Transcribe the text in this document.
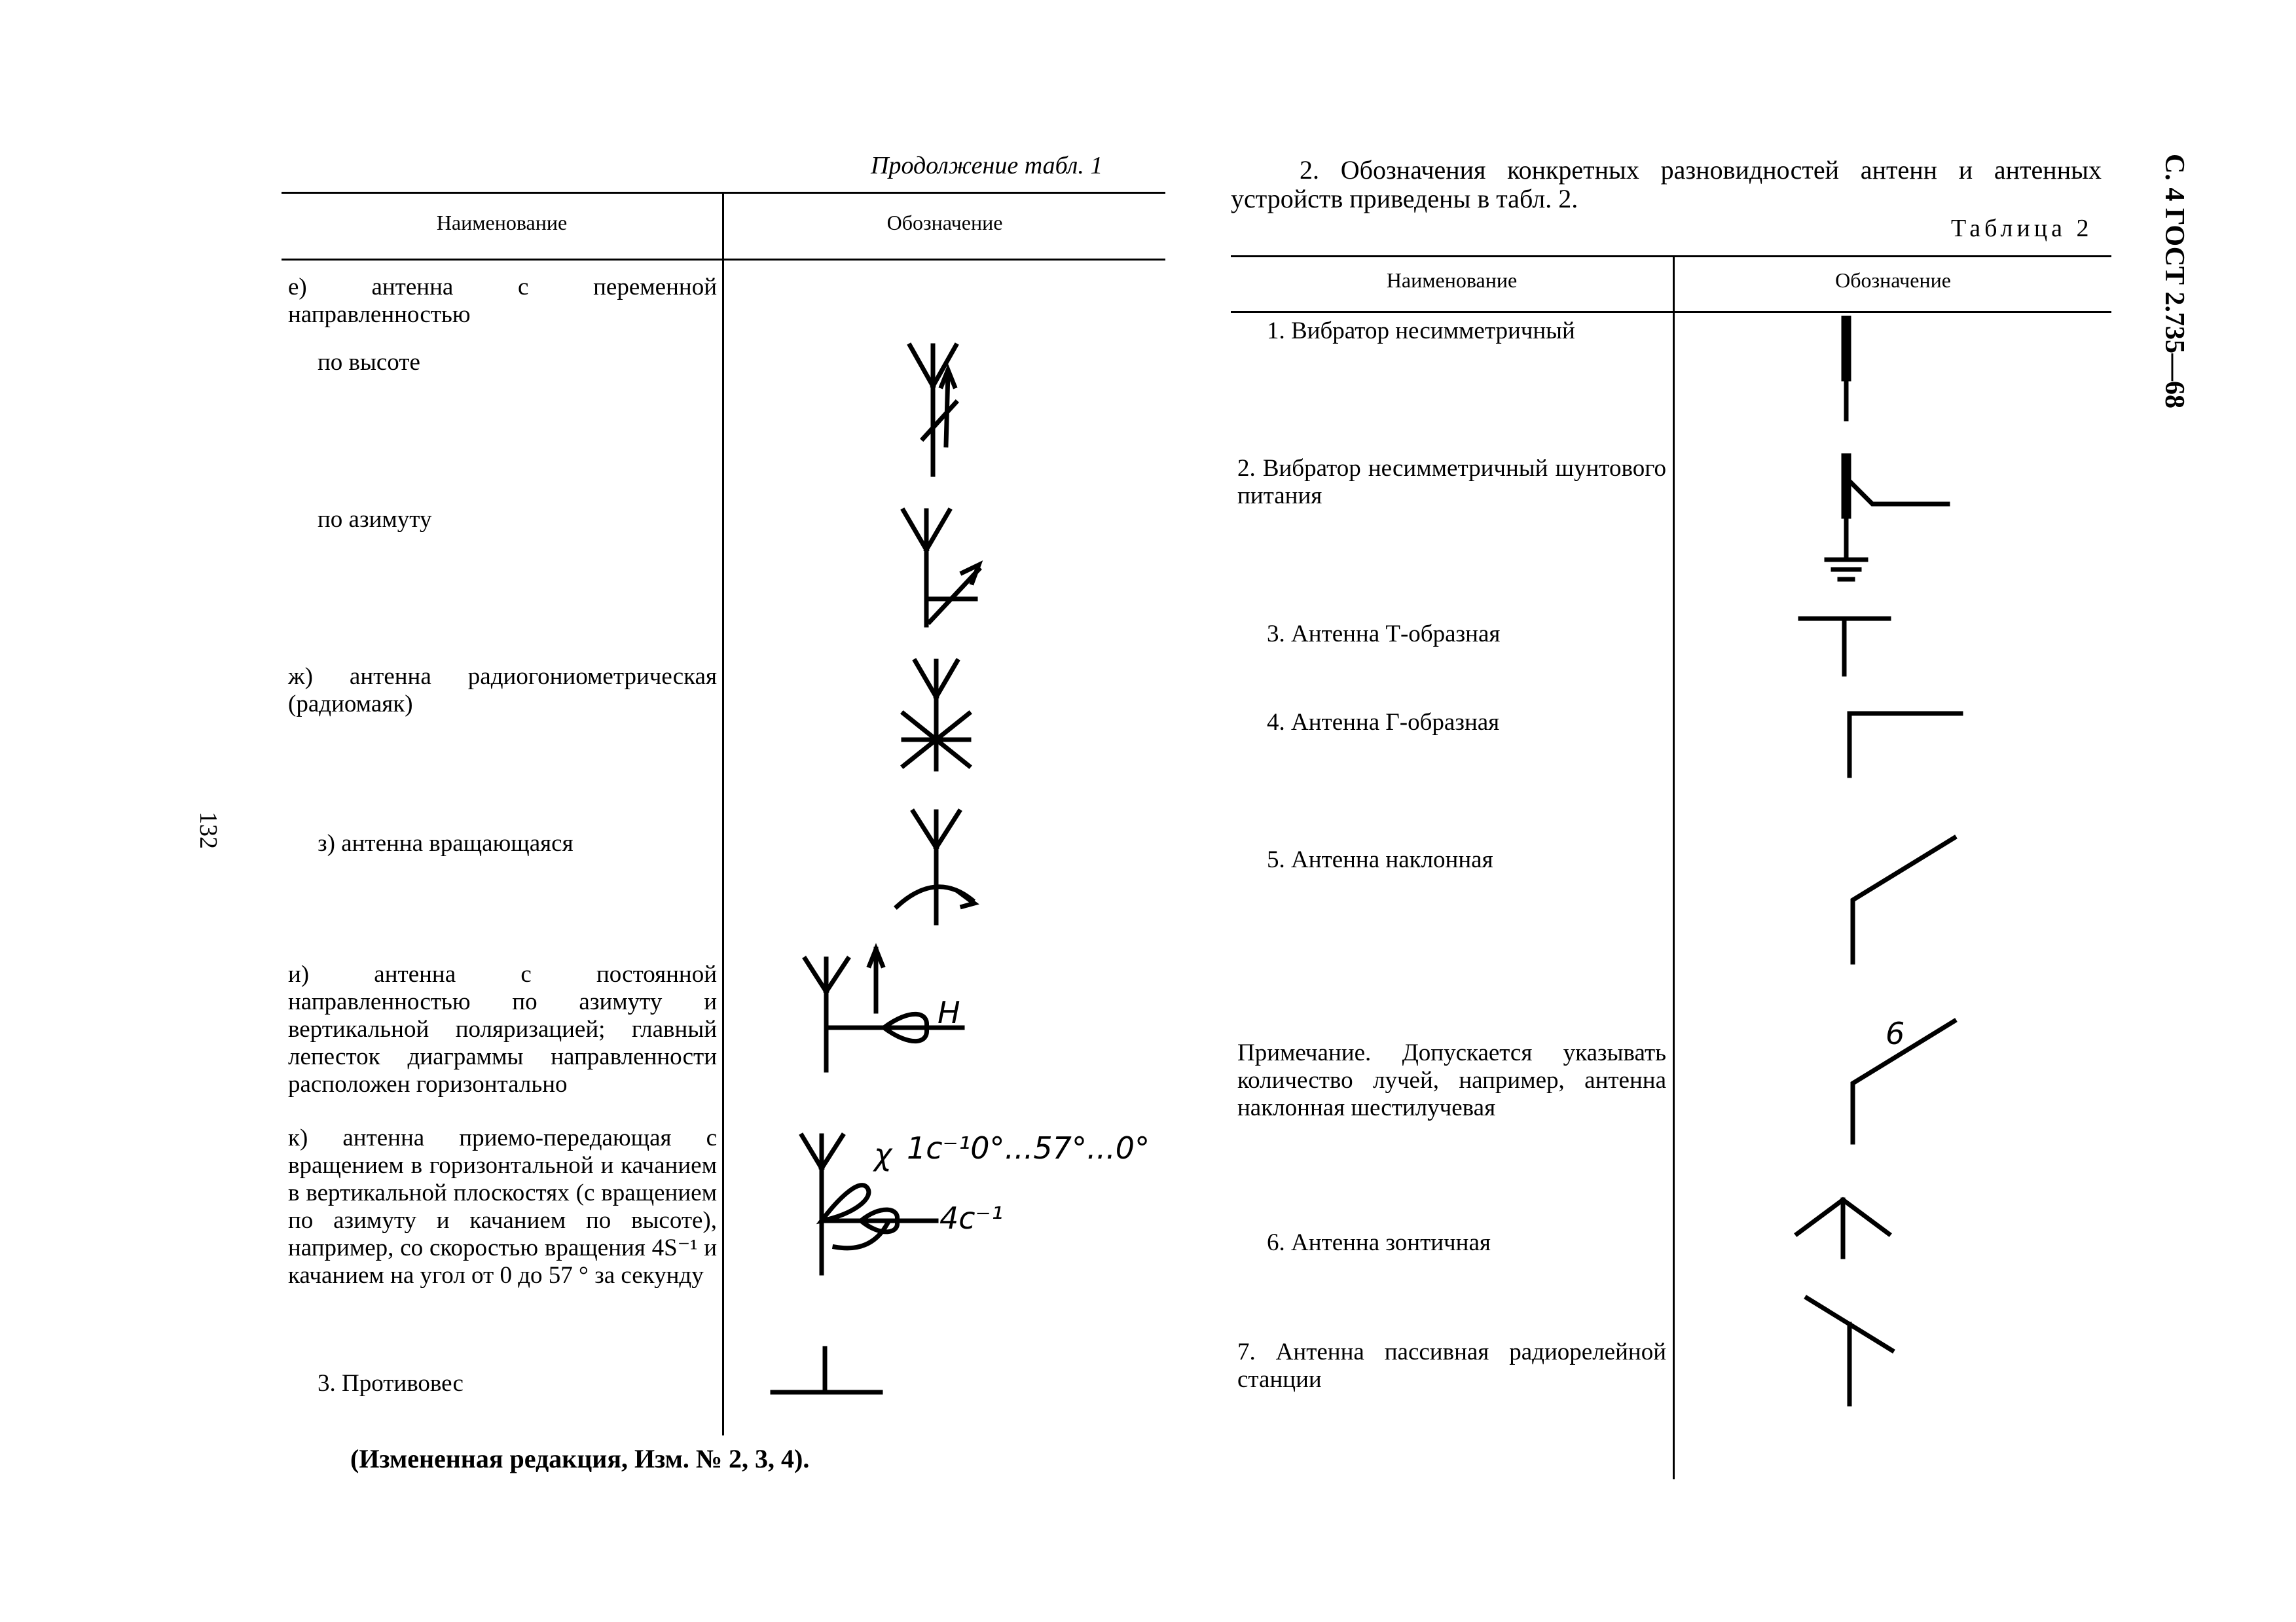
Продолжение табл. 1
Наименование	Обозначение
е) антенна с переменной направленностью
по высоте
по азимуту
ж) антенна радиогониометрическая (радиомаяк)
з) антенна вращающаяся
и) антенна с постоянной направленностью по азимуту и вертикальной поляризацией; главный лепесток диаграммы направленности расположен горизонтально
к) антенна приемо-передающая с вращением в горизонтальной и качанием в вертикальной плоскостях (с вращением по азимуту и качанием по высоте), например, со скоростью вращения 4S⁻¹ и качанием на угол от 0 до 57 ° за секунду
3. Противовес
H
1c⁻¹0°...57°...0°
4c⁻¹
χ
(Измененная редакция, Изм. № 2, 3, 4).
132
2. Обозначения конкретных разновидностей антенн и антенных устройств приведены в табл. 2.
Таблица 2
Наименование	Обозначение
1. Вибратор несимметричный
2. Вибратор несимметричный шунтового питания
3. Антенна Т-образная
4. Антенна Г-образная
5. Антенна наклонная
Примечание. Допускается указывать количество лучей, например, антенна наклонная шестилучевая
6. Антенна зонтичная
7. Антенна пассивная радиорелейной станции
6
С. 4 ГОСТ 2.735—68
